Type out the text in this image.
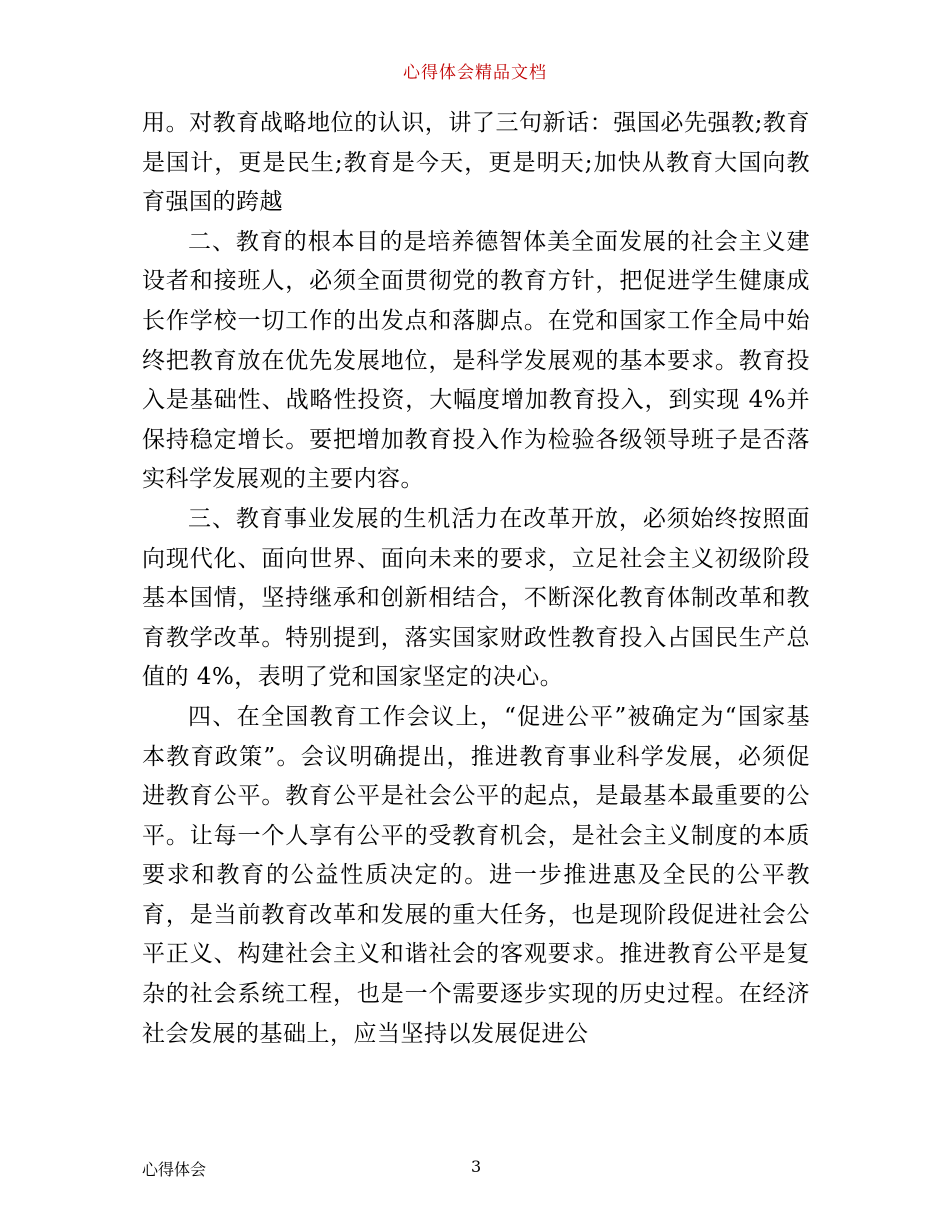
心得体会精品文档

用。对教育战略地位的认识，讲了三句新话：强国必先强教;教育是国计，更是民生;教育是今天，更是明天;加快从教育大国向教育强国的跨越

二、教育的根本目的是培养德智体美全面发展的社会主义建设者和接班人，必须全面贯彻党的教育方针，把促进学生健康成长作学校一切工作的出发点和落脚点。在党和国家工作全局中始终把教育放在优先发展地位，是科学发展观的基本要求。教育投入是基础性、战略性投资，大幅度增加教育投入，到实现 4%并保持稳定增长。要把增加教育投入作为检验各级领导班子是否落实科学发展观的主要内容。

三、教育事业发展的生机活力在改革开放，必须始终按照面向现代化、面向世界、面向未来的要求，立足社会主义初级阶段基本国情，坚持继承和创新相结合，不断深化教育体制改革和教育教学改革。特别提到，落实国家财政性教育投入占国民生产总值的 4%，表明了党和国家坚定的决心。

四、在全国教育工作会议上，“促进公平”被确定为“国家基本教育政策”。会议明确提出，推进教育事业科学发展，必须促进教育公平。教育公平是社会公平的起点，是最基本最重要的公平。让每一个人享有公平的受教育机会，是社会主义制度的本质要求和教育的公益性质决定的。进一步推进惠及全民的公平教育，是当前教育改革和发展的重大任务，也是现阶段促进社会公平正义、构建社会主义和谐社会的客观要求。推进教育公平是复杂的社会系统工程，也是一个需要逐步实现的历史过程。在经济社会发展的基础上，应当坚持以发展促进公

心得体会	3
